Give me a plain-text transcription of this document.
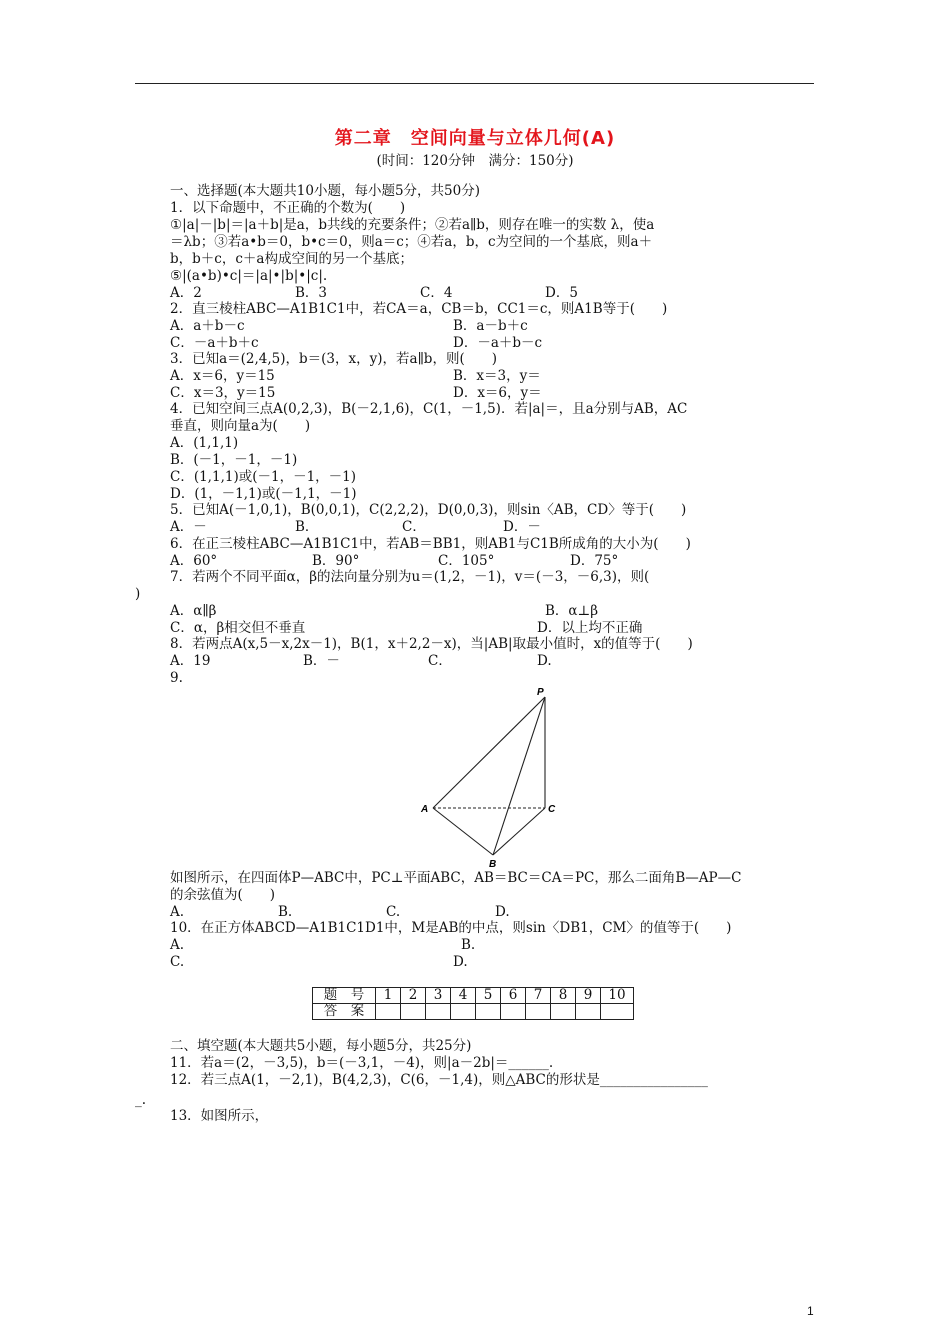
第二章　空间向量与立体几何(A)
(时间：120分钟　满分：150分)
一、选择题(本大题共10小题，每小题5分，共50分)
1．以下命题中，不正确的个数为(　　)
①|a|－|b|＝|a＋b|是a，b共线的充要条件；②若a∥b，则存在唯一的实数 λ，使a
＝λb；③若a•b＝0，b•c＝0，则a＝c；④若a，b，c为空间的一个基底，则a＋
b，b＋c，c＋a构成空间的另一个基底；
⑤|(a•b)•c|＝|a|•|b|•|c|.
A．2	B．3	C．4	D．5
2．直三棱柱ABC—A1B1C1中，若CA＝a，CB＝b，CC1＝c，则A1B等于(　　)
A．a＋b－c	B．a－b＋c
C．－a＋b＋c	D．－a＋b－c
3．已知a＝(2,4,5)，b＝(3，x，y)，若a∥b，则(　　)
A．x＝6，y＝15	B．x＝3，y＝
C．x＝3，y＝15	D．x＝6，y＝
4．已知空间三点A(0,2,3)，B(－2,1,6)，C(1，－1,5)．若|a|＝，且a分别与AB，AC
垂直，则向量a为(　　)
A．(1,1,1)
B．(－1，－1，－1)
C．(1,1,1)或(－1，－1，－1)
D．(1，－1,1)或(－1,1，－1)
5．已知A(－1,0,1)，B(0,0,1)，C(2,2,2)，D(0,0,3)，则sin〈AB，CD〉等于(　　)
A．－	B．	C．	D．－
6．在正三棱柱ABC—A1B1C1中，若AB＝BB1，则AB1与C1B所成角的大小为(　　)
A．60°	B．90°	C．105°	D．75°
7．若两个不同平面α，β的法向量分别为u＝(1,2，－1)，v＝(－3，－6,3)，则(
)
A．α∥β	B．α⊥β
C．α，β相交但不垂直	D．以上均不正确
8．若两点A(x,5－x,2x－1)，B(1，x＋2,2－x)，当|AB|取最小值时，x的值等于(　　)
A．19	B．－	C．	D.
9.
P
A
B
C
如图所示，在四面体P—ABC中，PC⊥平面ABC，AB＝BC＝CA＝PC，那么二面角B—AP—C
的余弦值为(　　)
A.	B.	C.	D.
10．在正方体ABCD—A1B1C1D1中，M是AB的中点，则sin〈DB1，CM〉的值等于(　　)
A.	B.
C.	D.
题　号	1	2	3	4	5	6	7	8	9	10
答　案										
二、填空题(本大题共5小题，每小题5分，共25分)
11．若a＝(2，－3,5)，b＝(－3,1，－4)，则|a－2b|＝______.
12．若三点A(1，－2,1)，B(4,2,3)，C(6，－1,4)，则△ABC的形状是________________
_.
13．如图所示，
1
